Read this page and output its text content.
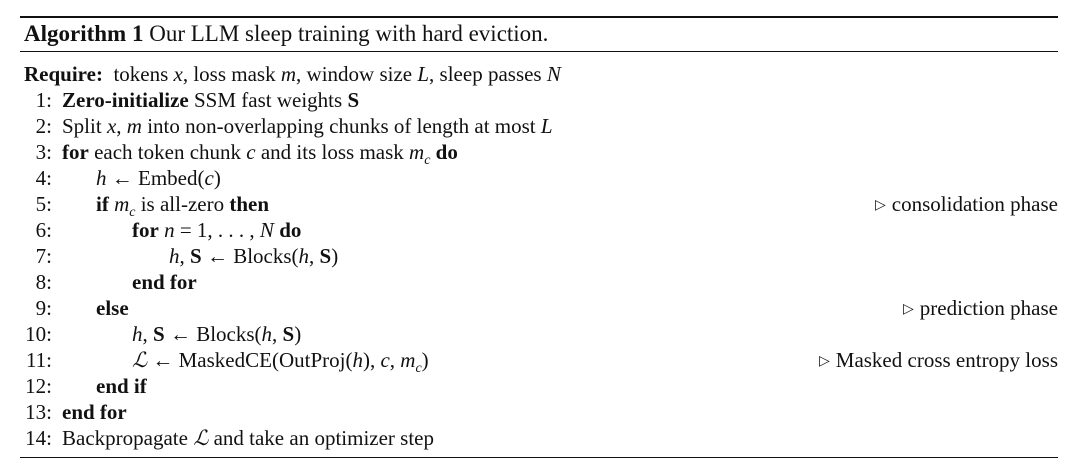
Algorithm 1 Our LLM sleep training with hard eviction.
Require: tokens x, loss mask m, window size L, sleep passes N
1: Zero-initialize SSM fast weights S
2: Split x, m into non-overlapping chunks of length at most L
3: for each token chunk c and its loss mask $m_c$ do
4: h ← Embed(c)
5: if $m_c$ is all-zero then	▷ consolidation phase
6:	for n = 1, . . . , N do
7:	h, S ← Blocks(h, S)
8:	end for
9: else	▷ prediction phase
10:	h, S ← Blocks(h, S)
11:	ℒ ← MaskedCE(OutProj(h), c, $m_c$)	▷ Masked cross entropy loss
12: end if
13: end for
14: Backpropagate ℒ and take an optimizer step
